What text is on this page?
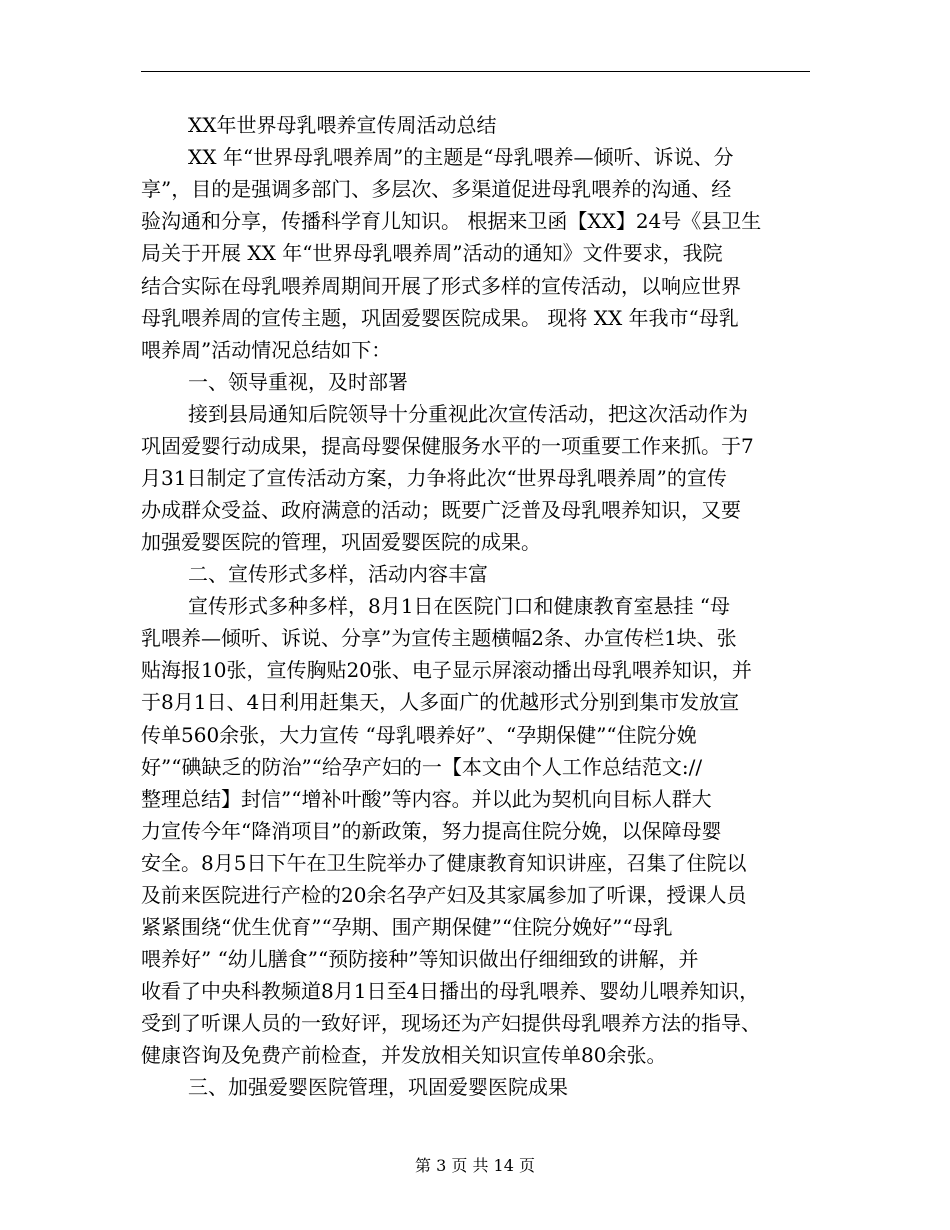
XX年世界母乳喂养宣传周活动总结
XX 年“世界母乳喂养周”的主题是“母乳喂养—倾听、诉说、分
享”，目的是强调多部门、多层次、多渠道促进母乳喂养的沟通、经
验沟通和分享，传播科学育儿知识。 根据来卫函【XX】24号《县卫生
局关于开展 XX 年“世界母乳喂养周”活动的通知》文件要求，我院
结合实际在母乳喂养周期间开展了形式多样的宣传活动，以响应世界
母乳喂养周的宣传主题，巩固爱婴医院成果。 现将 XX 年我市“母乳
喂养周”活动情况总结如下：
一、领导重视，及时部署
接到县局通知后院领导十分重视此次宣传活动，把这次活动作为
巩固爱婴行动成果，提高母婴保健服务水平的一项重要工作来抓。于7
月31日制定了宣传活动方案，力争将此次“世界母乳喂养周”的宣传
办成群众受益、政府满意的活动；既要广泛普及母乳喂养知识，又要
加强爱婴医院的管理，巩固爱婴医院的成果。
二、宣传形式多样，活动内容丰富
宣传形式多种多样，8月1日在医院门口和健康教育室悬挂 “母
乳喂养—倾听、诉说、分享”为宣传主题横幅2条、办宣传栏1块、张
贴海报10张，宣传胸贴20张、电子显示屏滚动播出母乳喂养知识，并
于8月1日、4日利用赶集天，人多面广的优越形式分别到集市发放宣
传单560余张，大力宣传 “母乳喂养好”、“孕期保健”“住院分娩
好”“碘缺乏的防治”“给孕产妇的一【本文由个人工作总结范文://
整理总结】封信”“增补叶酸”等内容。并以此为契机向目标人群大
力宣传今年“降消项目”的新政策，努力提高住院分娩，以保障母婴
安全。8月5日下午在卫生院举办了健康教育知识讲座，召集了住院以
及前来医院进行产检的20余名孕产妇及其家属参加了听课，授课人员
紧紧围绕“优生优育”“孕期、围产期保健”“住院分娩好”“母乳
喂养好” “幼儿膳食”“预防接种”等知识做出仔细细致的讲解，并
收看了中央科教频道8月1日至4日播出的母乳喂养、婴幼儿喂养知识，
受到了听课人员的一致好评，现场还为产妇提供母乳喂养方法的指导、
健康咨询及免费产前检查，并发放相关知识宣传单80余张。
三、加强爱婴医院管理，巩固爱婴医院成果
第 3 页 共 14 页
